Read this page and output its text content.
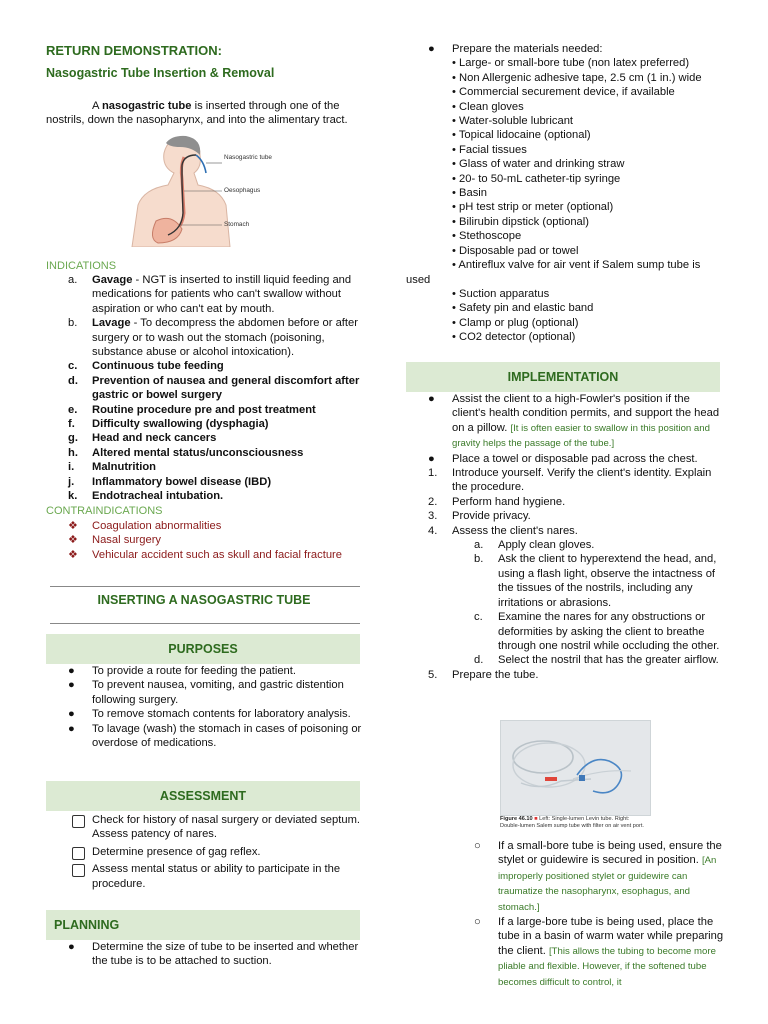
RETURN DEMONSTRATION:
Nasogastric Tube Insertion & Removal
A nasogastric tube is inserted through one of the nostrils, down the nasopharynx, and into the alimentary tract.
Nasogastric tube
Oesophagus
Stomach
INDICATIONS
a. Gavage - NGT is inserted to instill liquid feeding and medications for patients who can't swallow without aspiration or who can't eat by mouth.
b. Lavage - To decompress the abdomen before or after surgery or to wash out the stomach (poisoning, substance abuse or alcohol intoxication).
c. Continuous tube feeding
d. Prevention of nausea and general discomfort after gastric or bowel surgery
e. Routine procedure pre and post treatment
f. Difficulty swallowing (dysphagia)
g. Head and neck cancers
h. Altered mental status/unconsciousness
i. Malnutrition
j. Inflammatory bowel disease (IBD)
k. Endotracheal intubation.
CONTRAINDICATIONS
❖ Coagulation abnormalities
❖ Nasal surgery
❖ Vehicular accident such as skull and facial fracture
INSERTING A NASOGASTRIC TUBE
PURPOSES
● To provide a route for feeding the patient.
● To prevent nausea, vomiting, and gastric distention following surgery.
● To remove stomach contents for laboratory analysis.
● To lavage (wash) the stomach in cases of poisoning or overdose of medications.
ASSESSMENT
Check for history of nasal surgery or deviated septum. Assess patency of nares.
Determine presence of gag reflex.
Assess mental status or ability to participate in the procedure.
PLANNING
● Determine the size of tube to be inserted and whether the tube is to be attached to suction.
● Prepare the materials needed:
• Large- or small-bore tube (non latex preferred)
• Non Allergenic adhesive tape, 2.5 cm (1 in.) wide
• Commercial securement device, if available
• Clean gloves
• Water-soluble lubricant
• Topical lidocaine (optional)
• Facial tissues
• Glass of water and drinking straw
• 20- to 50-mL catheter-tip syringe
• Basin
• pH test strip or meter (optional)
• Bilirubin dipstick (optional)
• Stethoscope
• Disposable pad or towel
• Antireflux valve for air vent if Salem sump tube is
used
• Suction apparatus
• Safety pin and elastic band
• Clamp or plug (optional)
• CO2 detector (optional)
IMPLEMENTATION
● Assist the client to a high-Fowler's position if the client's health condition permits, and support the head on a pillow. [It is often easier to swallow in this position and gravity helps the passage of the tube.]
● Place a towel or disposable pad across the chest.
1. Introduce yourself. Verify the client's identity. Explain the procedure.
2. Perform hand hygiene.
3. Provide privacy.
4. Assess the client's nares.
a. Apply clean gloves.
b. Ask the client to hyperextend the head, and, using a flash light, observe the intactness of the tissues of the nostrils, including any irritations or abrasions.
c. Examine the nares for any obstructions or deformities by asking the client to breathe through one nostril while occluding the other.
d. Select the nostril that has the greater airflow.
5. Prepare the tube.
Figure 46.10 ■ Left: Single-lumen Levin tube. Right: Double-lumen Salem sump tube with filter on air vent port.
○ If a small-bore tube is being used, ensure the stylet or guidewire is secured in position. [An improperly positioned stylet or guidewire can traumatize the nasopharynx, esophagus, and stomach.]
○ If a large-bore tube is being used, place the tube in a basin of warm water while preparing the client. [This allows the tubing to become more pliable and flexible. However, if the softened tube becomes difficult to control, it
